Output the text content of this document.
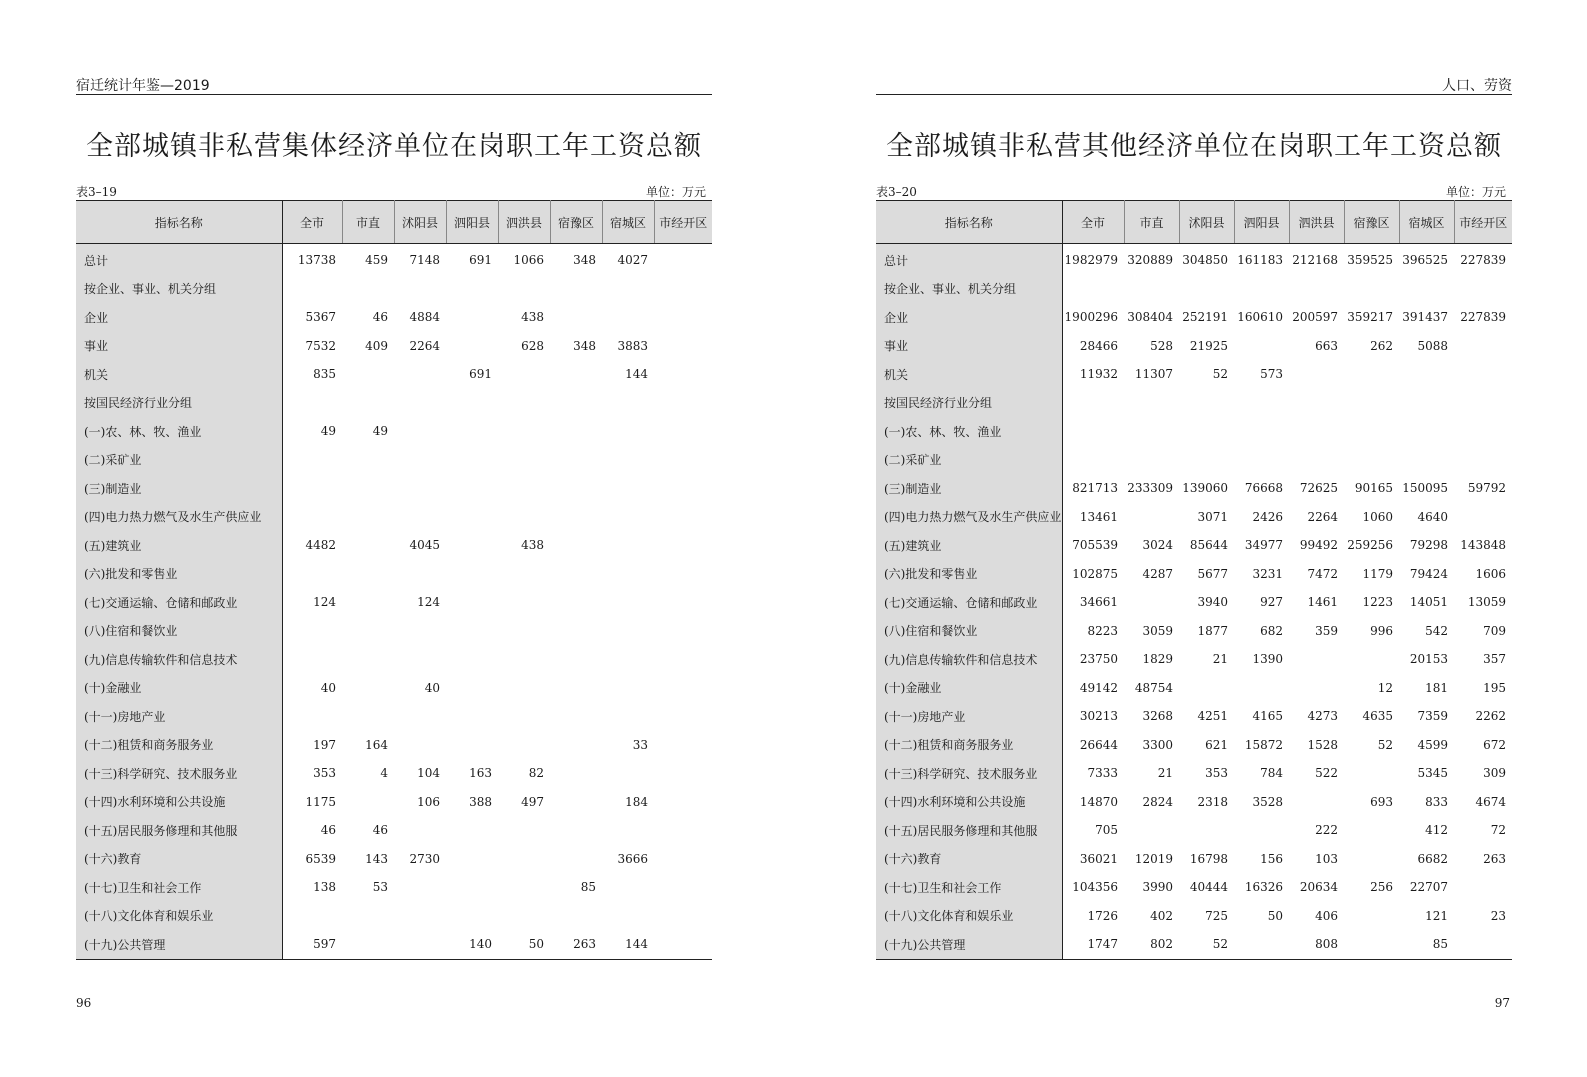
宿迁统计年鉴—2019
全部城镇非私营集体经济单位在岗职工年工资总额
表3–19	单位：万元
指标名称	全市	市直	沭阳县	泗阳县	泗洪县	宿豫区	宿城区	市经开区
总计	13738	459	7148	691	1066	348	4027	
按企业、事业、机关分组								
企业	5367	46	4884		438			
事业	7532	409	2264		628	348	3883	
机关	835			691			144	
按国民经济行业分组								
(一)农、林、牧、渔业	49	49						
(二)采矿业								
(三)制造业								
(四)电力热力燃气及水生产供应业								
(五)建筑业	4482		4045		438			
(六)批发和零售业								
(七)交通运输、仓储和邮政业	124		124					
(八)住宿和餐饮业								
(九)信息传输软件和信息技术								
(十)金融业	40		40					
(十一)房地产业								
(十二)租赁和商务服务业	197	164					33	
(十三)科学研究、技术服务业	353	4	104	163	82			
(十四)水利环境和公共设施	1175		106	388	497		184	
(十五)居民服务修理和其他服	46	46						
(十六)教育	6539	143	2730				3666	
(十七)卫生和社会工作	138	53				85		
(十八)文化体育和娱乐业								
(十九)公共管理	597			140	50	263	144	
96
人口、劳资
全部城镇非私营其他经济单位在岗职工年工资总额
表3–20	单位：万元
指标名称	全市	市直	沭阳县	泗阳县	泗洪县	宿豫区	宿城区	市经开区
总计	1982979	320889	304850	161183	212168	359525	396525	227839
按企业、事业、机关分组								
企业	1900296	308404	252191	160610	200597	359217	391437	227839
事业	28466	528	21925		663	262	5088	
机关	11932	11307	52	573				
按国民经济行业分组								
(一)农、林、牧、渔业								
(二)采矿业								
(三)制造业	821713	233309	139060	76668	72625	90165	150095	59792
(四)电力热力燃气及水生产供应业	13461		3071	2426	2264	1060	4640	
(五)建筑业	705539	3024	85644	34977	99492	259256	79298	143848
(六)批发和零售业	102875	4287	5677	3231	7472	1179	79424	1606
(七)交通运输、仓储和邮政业	34661		3940	927	1461	1223	14051	13059
(八)住宿和餐饮业	8223	3059	1877	682	359	996	542	709
(九)信息传输软件和信息技术	23750	1829	21	1390			20153	357
(十)金融业	49142	48754				12	181	195
(十一)房地产业	30213	3268	4251	4165	4273	4635	7359	2262
(十二)租赁和商务服务业	26644	3300	621	15872	1528	52	4599	672
(十三)科学研究、技术服务业	7333	21	353	784	522		5345	309
(十四)水利环境和公共设施	14870	2824	2318	3528		693	833	4674
(十五)居民服务修理和其他服	705				222		412	72
(十六)教育	36021	12019	16798	156	103		6682	263
(十七)卫生和社会工作	104356	3990	40444	16326	20634	256	22707	
(十八)文化体育和娱乐业	1726	402	725	50	406		121	23
(十九)公共管理	1747	802	52		808		85	
97
